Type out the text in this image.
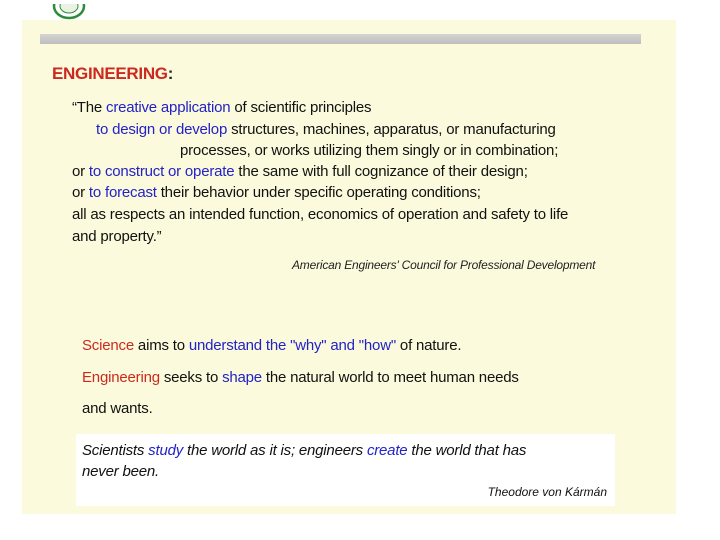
ENGINEERING:
“The creative application of scientific principles
to design or develop structures, machines, apparatus, or manufacturing
processes, or works utilizing them singly or in combination;
or to construct or operate the same with full cognizance of their design;
or to forecast their behavior under specific operating conditions;
all as respects an intended function, economics of operation and safety to life
and property.”
American Engineers' Council for Professional Development
Science aims to understand the "why" and "how" of nature.
Engineering seeks to shape the natural world to meet human needs
and wants.
Scientists study the world as it is; engineers create the world that has
never been.
Theodore von Kármán
